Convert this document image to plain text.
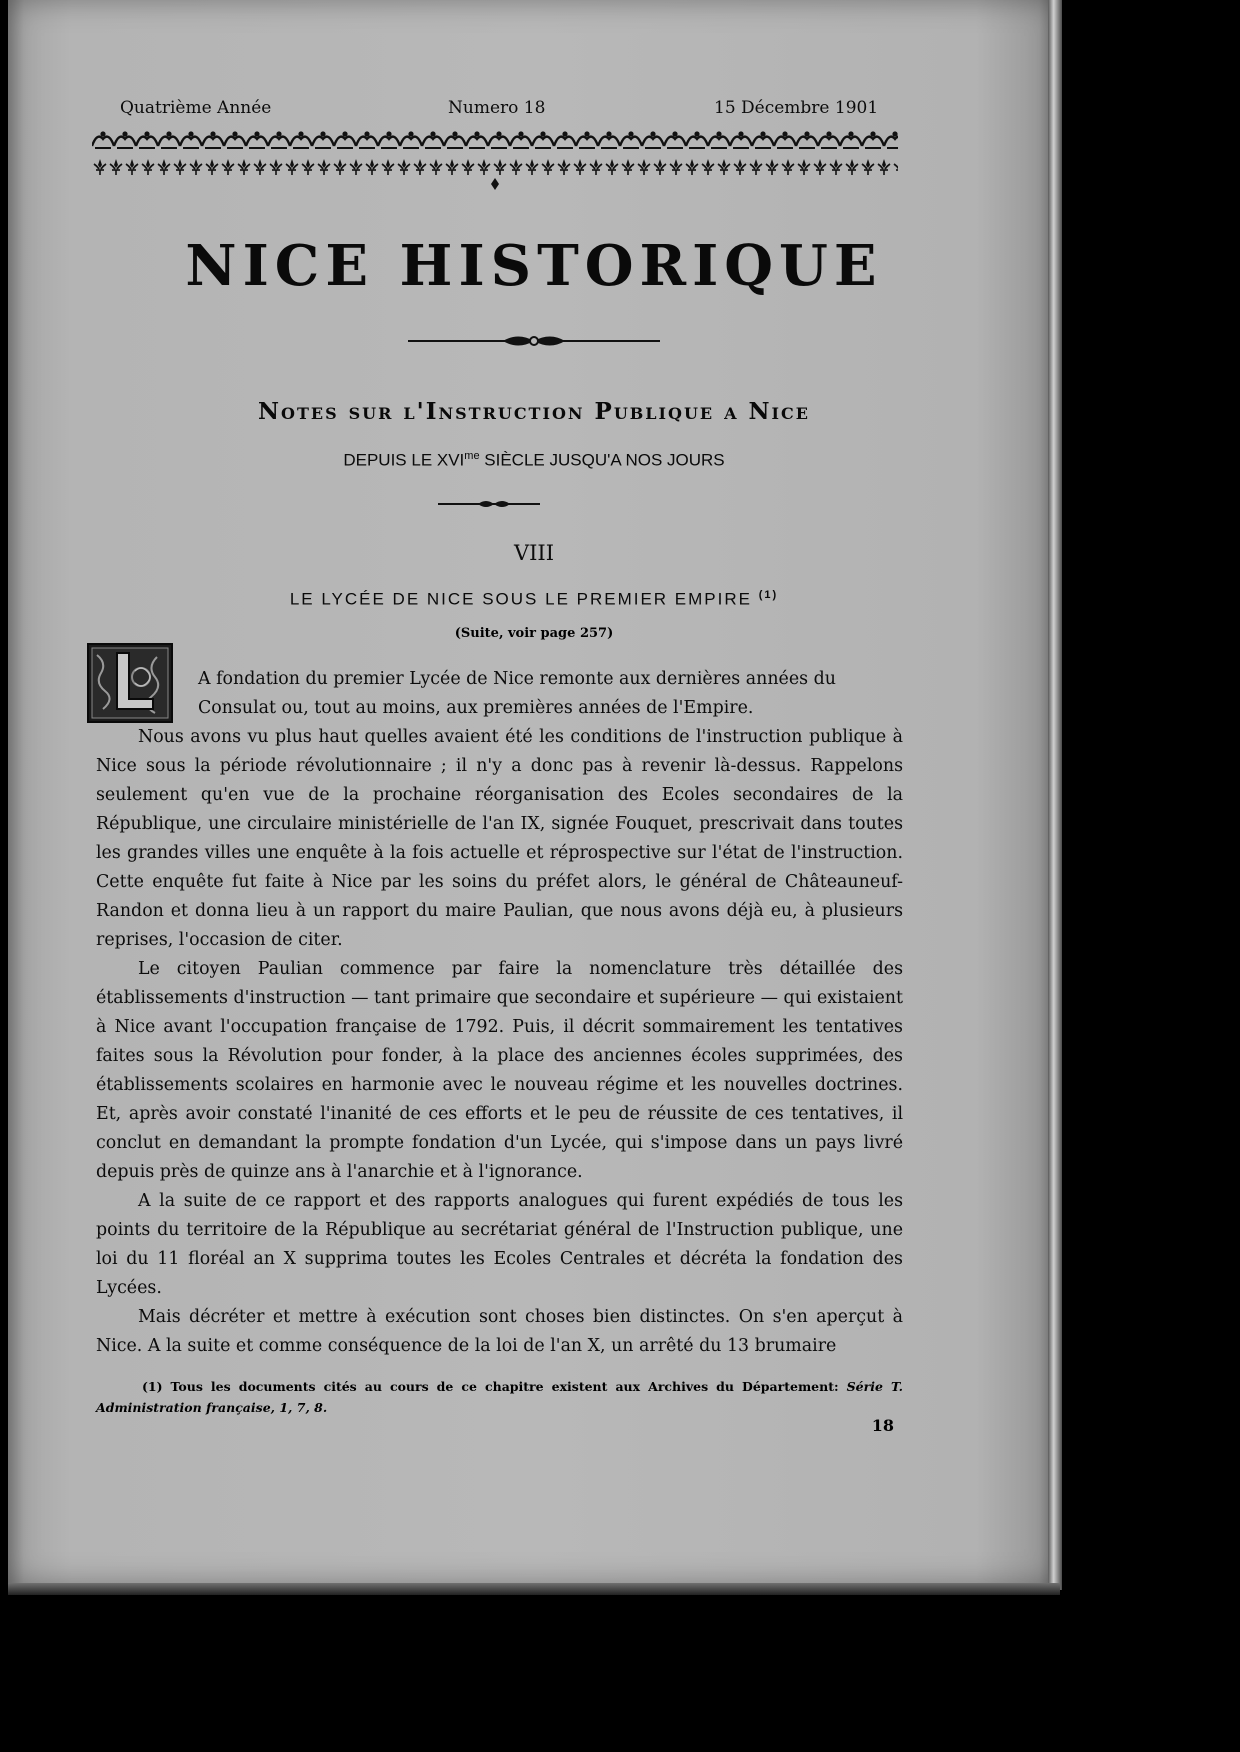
Quatrième Année	Numero 18	15 Décembre 1901
NICE HISTORIQUE
Notes sur l'Instruction Publique a Nice
DEPUIS LE $XVI^{me}$ SIÈCLE JUSQU'A NOS JOURS
VIII
LE LYCÉE DE NICE SOUS LE PREMIER EMPIRE $^{(1)}$
(Suite, voir page 257)

A fondation du premier Lycée de Nice remonte aux dernières années du
Consulat ou, tout au moins, aux premières années de l'Empire.

Nous avons vu plus haut quelles avaient été les conditions de l'instruction publique à Nice sous la période révolutionnaire ; il n'y a donc pas à revenir là-dessus. Rappelons seulement qu'en vue de la prochaine réorganisation des Ecoles secondaires de la République, une circulaire ministérielle de l'an IX, signée Fouquet, prescrivait dans toutes les grandes villes une enquête à la fois actuelle et réprospective sur l'état de l'instruction. Cette enquête fut faite à Nice par les soins du préfet alors, le général de Châteauneuf-Randon et donna lieu à un rapport du maire Paulian, que nous avons déjà eu, à plusieurs reprises, l'occasion de citer.

Le citoyen Paulian commence par faire la nomenclature très détaillée des établissements d'instruction — tant primaire que secondaire et supérieure — qui existaient à Nice avant l'occupation française de 1792. Puis, il décrit sommairement les tentatives faites sous la Révolution pour fonder, à la place des anciennes écoles supprimées, des établissements scolaires en harmonie avec le nouveau régime et les nouvelles doctrines. Et, après avoir constaté l'inanité de ces efforts et le peu de réussite de ces tentatives, il conclut en demandant la prompte fondation d'un Lycée, qui s'impose dans un pays livré depuis près de quinze ans à l'anarchie et à l'ignorance.

A la suite de ce rapport et des rapports analogues qui furent expédiés de tous les points du territoire de la République au secrétariat général de l'Instruction publique, une loi du 11 floréal an X supprima toutes les Ecoles Centrales et décréta la fondation des Lycées.

Mais décréter et mettre à exécution sont choses bien distinctes. On s'en aperçut à Nice. A la suite et comme conséquence de la loi de l'an X, un arrêté du 13 brumaire

(1) Tous les documents cités au cours de ce chapitre existent aux Archives du Département: Série T. Administration française, 1, 7, 8.
18
